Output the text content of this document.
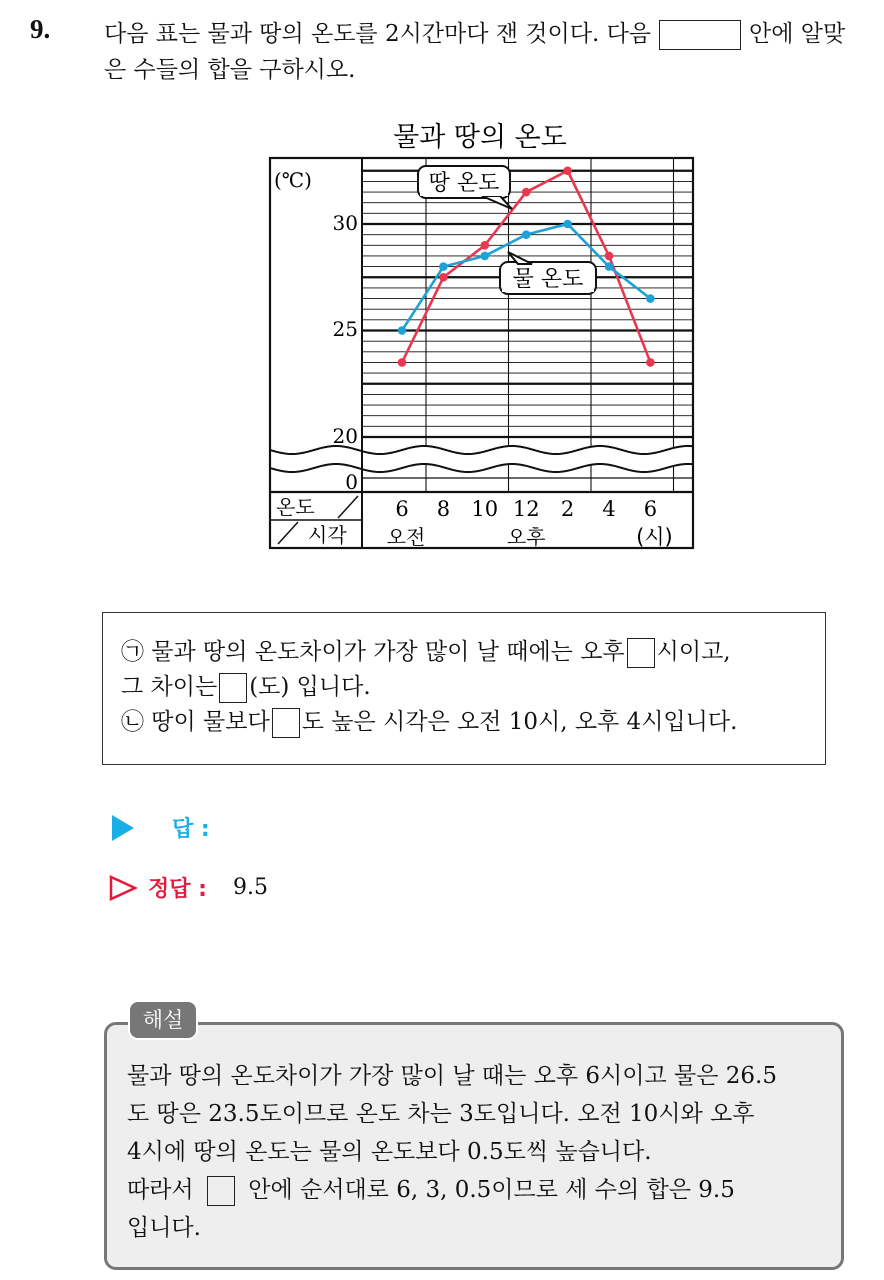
9. 다음 표는 물과 땅의 온도를 2시간마다 잰 것이다. 다음	안에 알맞은 수들의 합을 구하시오.
물과 땅의 온도
(℃)
0
20
25
30
6 8 10 12 2 4 6
오전	오후	(시)
온도
시각
땅 온도
물 온도
㉠ 물과 땅의 온도차이가 가장 많이 날 때에는 오후 시이고,
그 차이는 (도) 입니다.
㉡ 땅이 물보다 도 높은 시각은 오전 10시, 오후 4시입니다.
답 :
정답 : 9.5
물과 땅의 온도차이가 가장 많이 날 때는 오후 6시이고 물은 26.5
도 땅은 23.5도이므로 온도 차는 3도입니다. 오전 10시와 오후
4시에 땅의 온도는 물의 온도보다 0.5도씩 높습니다.
따라서 안에 순서대로 6, 3, 0.5이므로 세 수의 합은 9.5
입니다.
해설
